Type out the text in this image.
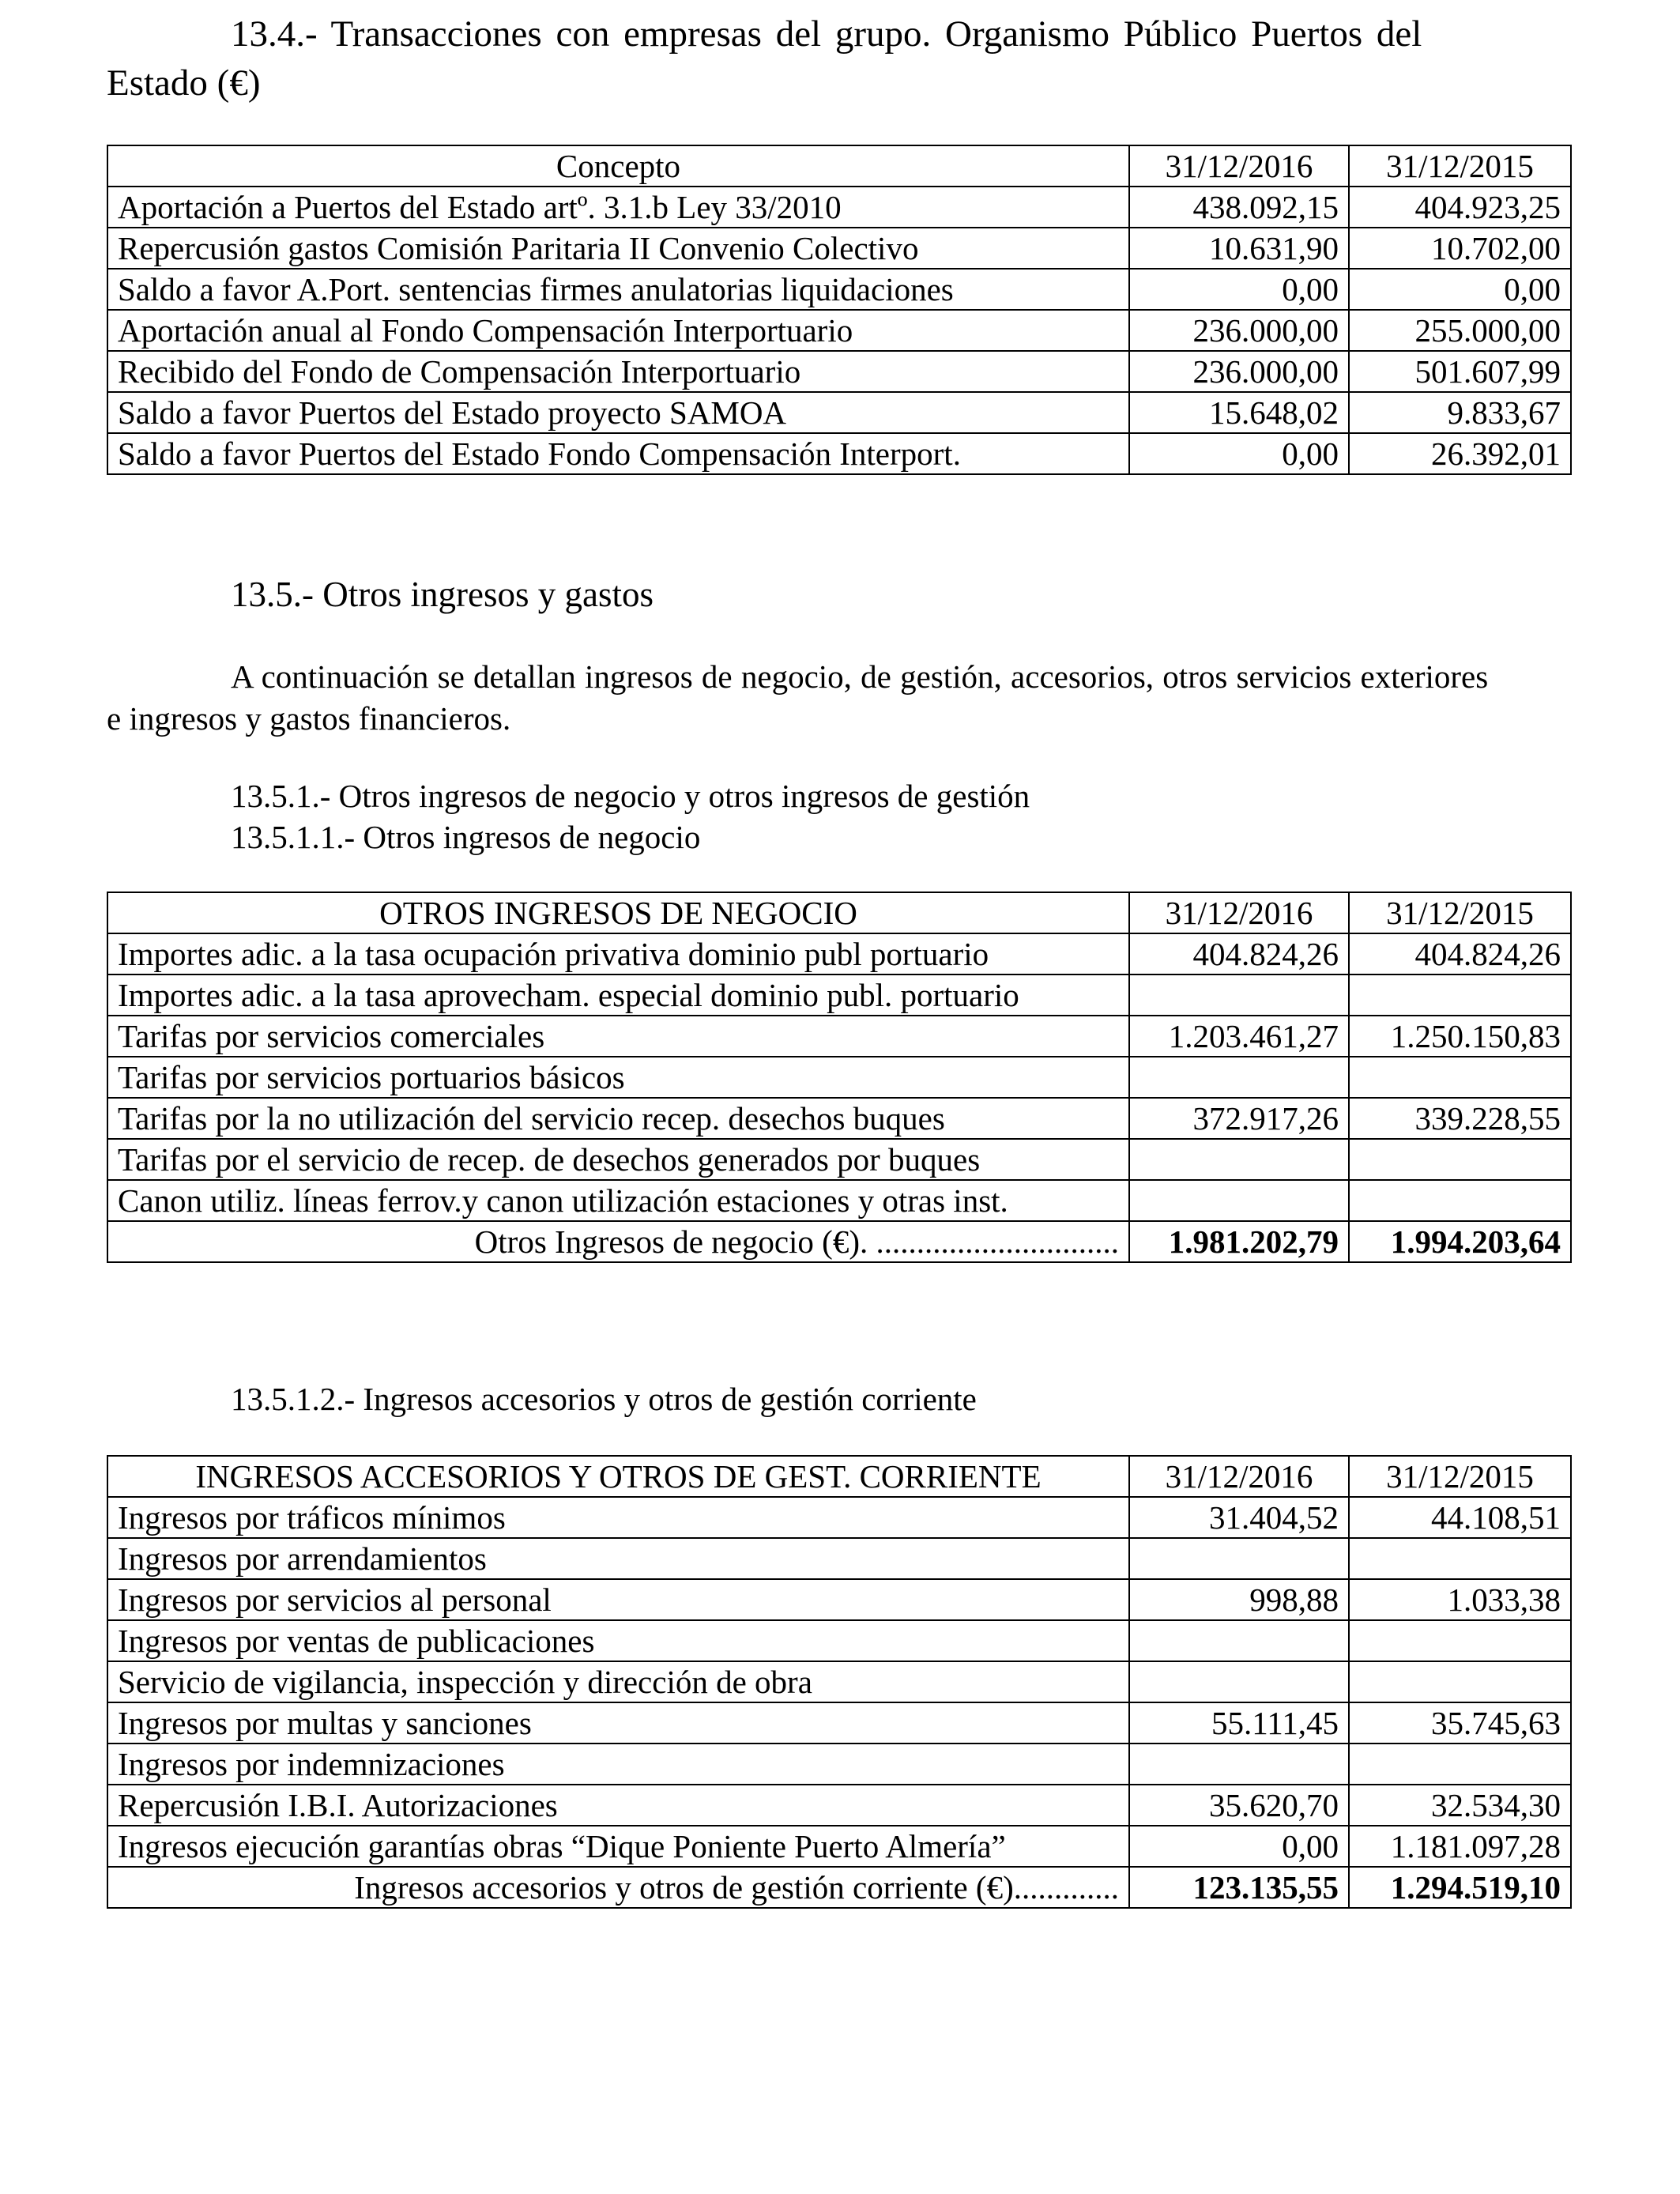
13.4.- Transacciones con empresas del grupo. Organismo Público Puertos del
Estado (€)
Concepto	31/12/2016	31/12/2015
Aportación a Puertos del Estado artº. 3.1.b Ley 33/2010	438.092,15	404.923,25
Repercusión gastos Comisión Paritaria II Convenio Colectivo	10.631,90	10.702,00
Saldo a favor A.Port. sentencias firmes anulatorias liquidaciones	0,00	0,00
Aportación anual al Fondo Compensación Interportuario	236.000,00	255.000,00
Recibido del Fondo de Compensación Interportuario	236.000,00	501.607,99
Saldo a favor Puertos del Estado proyecto SAMOA	15.648,02	9.833,67
Saldo a favor Puertos del Estado Fondo Compensación Interport.	0,00	26.392,01
13.5.- Otros ingresos y gastos
A continuación se detallan ingresos de negocio, de gestión, accesorios, otros servicios exteriores
e ingresos y gastos financieros.
13.5.1.- Otros ingresos de negocio y otros ingresos de gestión
13.5.1.1.- Otros ingresos de negocio
OTROS INGRESOS DE NEGOCIO	31/12/2016	31/12/2015
Importes adic. a la tasa ocupación privativa dominio publ portuario	404.824,26	404.824,26
Importes adic. a la tasa aprovecham. especial dominio publ. portuario		
Tarifas por servicios comerciales	1.203.461,27	1.250.150,83
Tarifas por servicios portuarios básicos		
Tarifas por la no utilización del servicio recep. desechos buques	372.917,26	339.228,55
Tarifas por el servicio de recep. de desechos generados por buques		
Canon utiliz. líneas ferrov.y canon utilización estaciones y otras inst.		
Otros Ingresos de negocio (€). ..............................	1.981.202,79	1.994.203,64
13.5.1.2.- Ingresos accesorios y otros de gestión corriente
INGRESOS ACCESORIOS Y OTROS DE GEST. CORRIENTE	31/12/2016	31/12/2015
Ingresos por tráficos mínimos	31.404,52	44.108,51
Ingresos por arrendamientos		
Ingresos por servicios al personal	998,88	1.033,38
Ingresos por ventas de publicaciones		
Servicio de vigilancia, inspección y dirección de obra		
Ingresos por multas y sanciones	55.111,45	35.745,63
Ingresos por indemnizaciones		
Repercusión I.B.I. Autorizaciones	35.620,70	32.534,30
Ingresos ejecución garantías obras “Dique Poniente Puerto Almería”	0,00	1.181.097,28
Ingresos accesorios y otros de gestión corriente (€).............	123.135,55	1.294.519,10
